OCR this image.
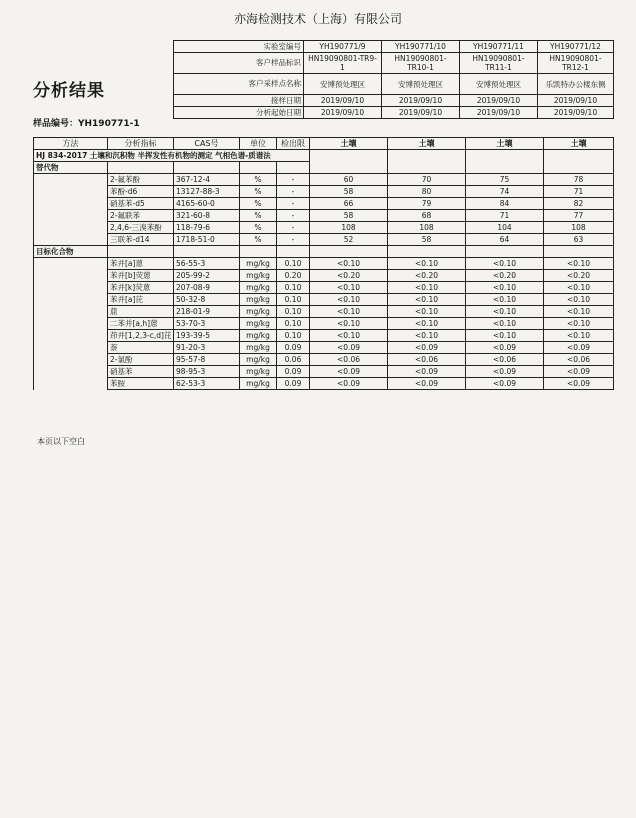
亦海检测技术（上海）有限公司
分析结果
样品编号：YH190771-1
实验室编号	YH190771/9	YH190771/10	YH190771/11	YH190771/12
客户样品标识	HN19090801-TR9-1	HN19090801-TR10-1	HN19090801-TR11-1	HN19090801-TR12-1
客户采样点名称	安博预处理区	安博预处理区	安博预处理区	乐凯特办公楼东侧
接样日期	2019/09/10	2019/09/10	2019/09/10	2019/09/10
分析起始日期	2019/09/10	2019/09/10	2019/09/10	2019/09/10
方法	分析指标	CAS号	单位	检出限	土壤	土壤	土壤	土壤
HJ 834-2017 土壤和沉积物 半挥发性有机物的测定 气相色谱-质谱法								
替代物								
	2-氟苯酚	367-12-4	%	-	60	70	75	78
	苯酚-d6	13127-88-3	%	-	58	80	74	71
	硝基苯-d5	4165-60-0	%	-	66	79	84	82
	2-氟联苯	321-60-8	%	-	58	68	71	77
	2,4,6-三溴苯酚	118-79-6	%	-	108	108	104	108
	三联苯-d14	1718-51-0	%	-	52	58	64	63
目标化合物								
	苯并[a]蒽	56-55-3	mg/kg	0.10	<0.10	<0.10	<0.10	<0.10
	苯并[b]荧蒽	205-99-2	mg/kg	0.20	<0.20	<0.20	<0.20	<0.20
	苯并[k]荧蒽	207-08-9	mg/kg	0.10	<0.10	<0.10	<0.10	<0.10
	苯并[a]芘	50-32-8	mg/kg	0.10	<0.10	<0.10	<0.10	<0.10
	䓛	218-01-9	mg/kg	0.10	<0.10	<0.10	<0.10	<0.10
	二苯并[a,h]蒽	53-70-3	mg/kg	0.10	<0.10	<0.10	<0.10	<0.10
	茚并[1,2,3-c,d]芘	193-39-5	mg/kg	0.10	<0.10	<0.10	<0.10	<0.10
	萘	91-20-3	mg/kg	0.09	<0.09	<0.09	<0.09	<0.09
	2-氯酚	95-57-8	mg/kg	0.06	<0.06	<0.06	<0.06	<0.06
	硝基苯	98-95-3	mg/kg	0.09	<0.09	<0.09	<0.09	<0.09
	苯胺	62-53-3	mg/kg	0.09	<0.09	<0.09	<0.09	<0.09
本页以下空白
